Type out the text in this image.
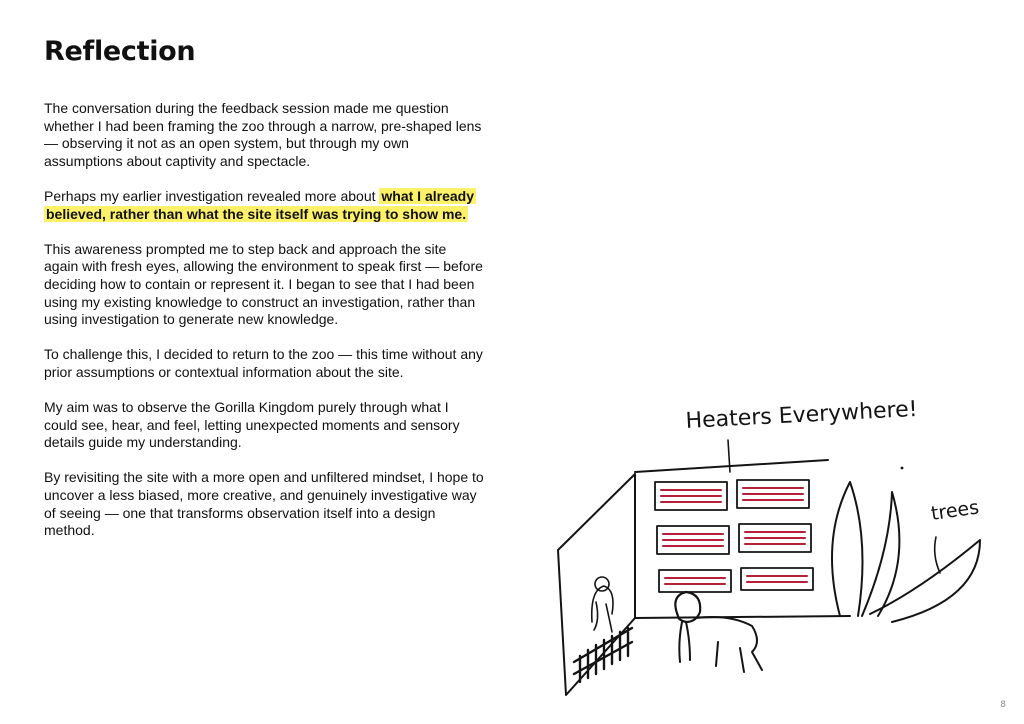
Reflection

The conversation during the feedback session made me question whether I had been framing the zoo through a narrow, pre-shaped lens — observing it not as an open system, but through my own assumptions about captivity and spectacle.

Perhaps my earlier investigation revealed more about what I already believed, rather than what the site itself was trying to show me.

This awareness prompted me to step back and approach the site again with fresh eyes, allowing the environment to speak first — before deciding how to contain or represent it. I began to see that I had been using my existing knowledge to construct an investigation, rather than using investigation to generate new knowledge.

To challenge this, I decided to return to the zoo — this time without any prior assumptions or contextual information about the site.

My aim was to observe the Gorilla Kingdom purely through what I could see, hear, and feel, letting unexpected moments and sensory details guide my understanding.

By revisiting the site with a more open and unfiltered mindset, I hope to uncover a less biased, more creative, and genuinely investigative way of seeing — one that transforms observation itself into a design method.

Heaters Everywhere!
trees
8
